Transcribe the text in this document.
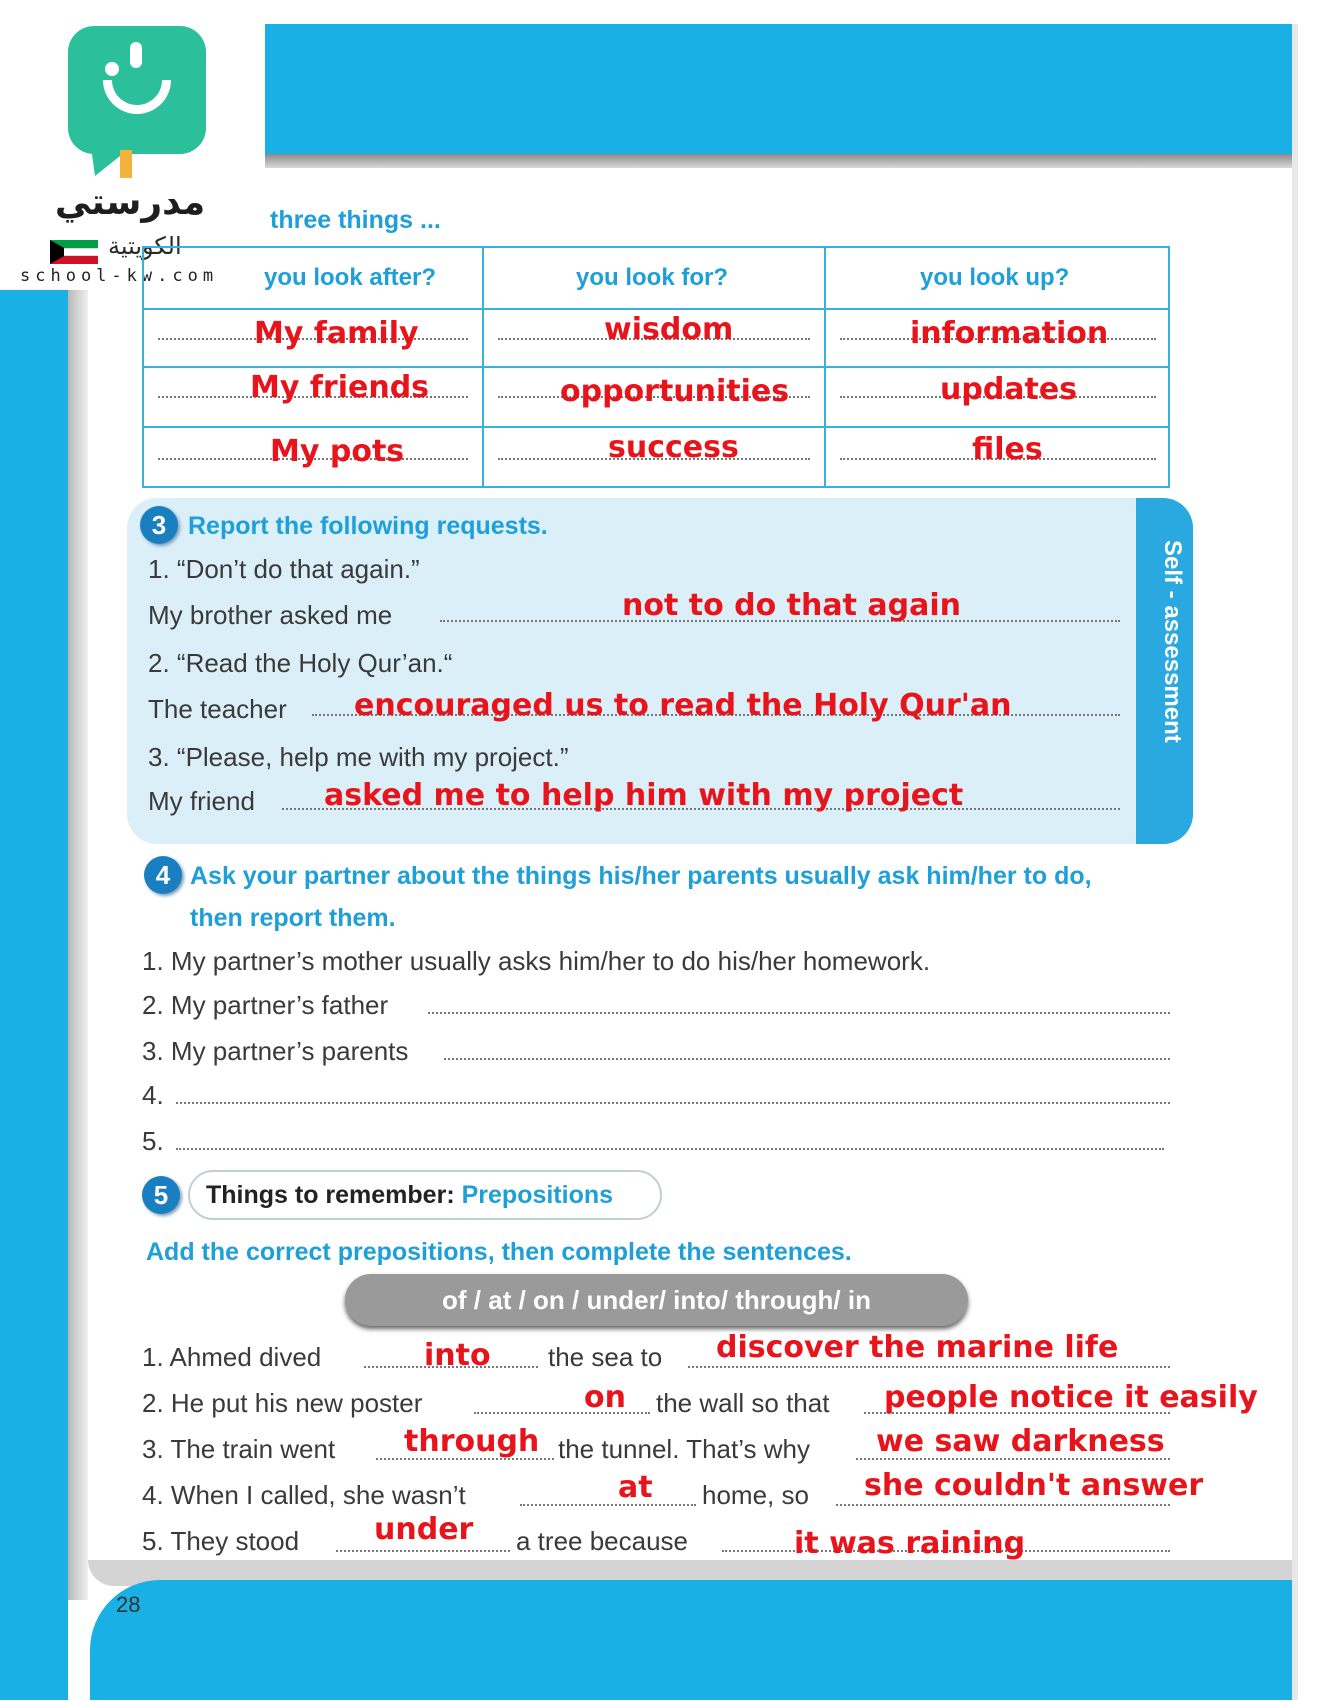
مدرستي
الكويتية
school-kw.com
three things ...
you look after?	you look for?	you look up?
My family	wisdom	information
My friends	opportunities	updates
My pots	success	files
Self - assessment
3 Report the following requests.
1. “Don’t do that again.”
My brother asked me	not to do that again
2. “Read the Holy Qur’an.“
The teacher encouraged us to read the Holy Qur'an
3. “Please, help me with my project.”
My friend asked me to help him with my project
4 Ask your partner about the things his/her parents usually ask him/her to do,
then report them.
1. My partner’s mother usually asks him/her to do his/her homework.
2. My partner’s father
3. My partner’s parents
4.
5.
5	Things to remember: Prepositions
Add the correct prepositions, then complete the sentences.
of / at / on / under/ into/ through/ in
1. Ahmed dived	into the sea to discover the marine life
2. He put his new poster	on the wall so that people notice it easily
3. The train went through the tunnel. That’s why we saw darkness
4. When I called, she wasn’t	at home, so she couldn't answer
5. They stood under a tree because	it was raining
28
